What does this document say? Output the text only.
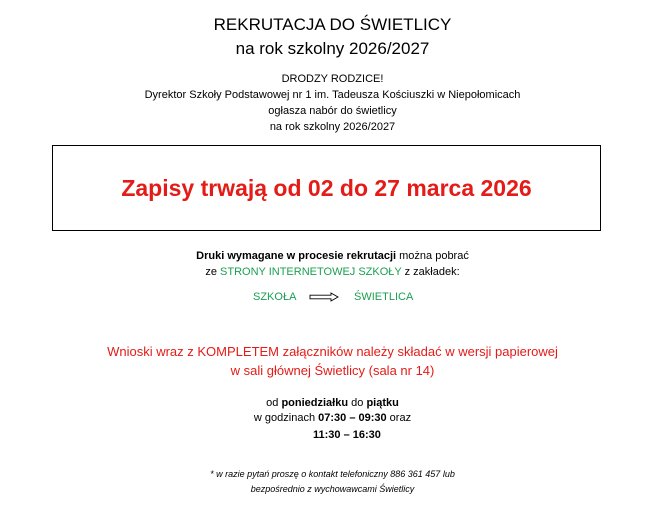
REKRUTACJA DO ŚWIETLICY
na rok szkolny 2026/2027
DRODZY RODZICE!
Dyrektor Szkoły Podstawowej nr 1 im. Tadeusza Kościuszki w Niepołomicach
ogłasza nabór do świetlicy
na rok szkolny 2026/2027
Zapisy trwają od 02 do 27 marca 2026
Druki wymagane w procesie rekrutacji można pobrać
ze STRONY INTERNETOWEJ SZKOŁY z zakładek:
SZKOŁA	ŚWIETLICA
Wnioski wraz z KOMPLETEM załączników należy składać w wersji papierowej
w sali głównej Świetlicy (sala nr 14)
od poniedziałku do piątku
w godzinach 07:30 – 09:30 oraz
11:30 – 16:30
* w razie pytań proszę o kontakt telefoniczny 886 361 457 lub
bezpośrednio z wychowawcami Świetlicy
